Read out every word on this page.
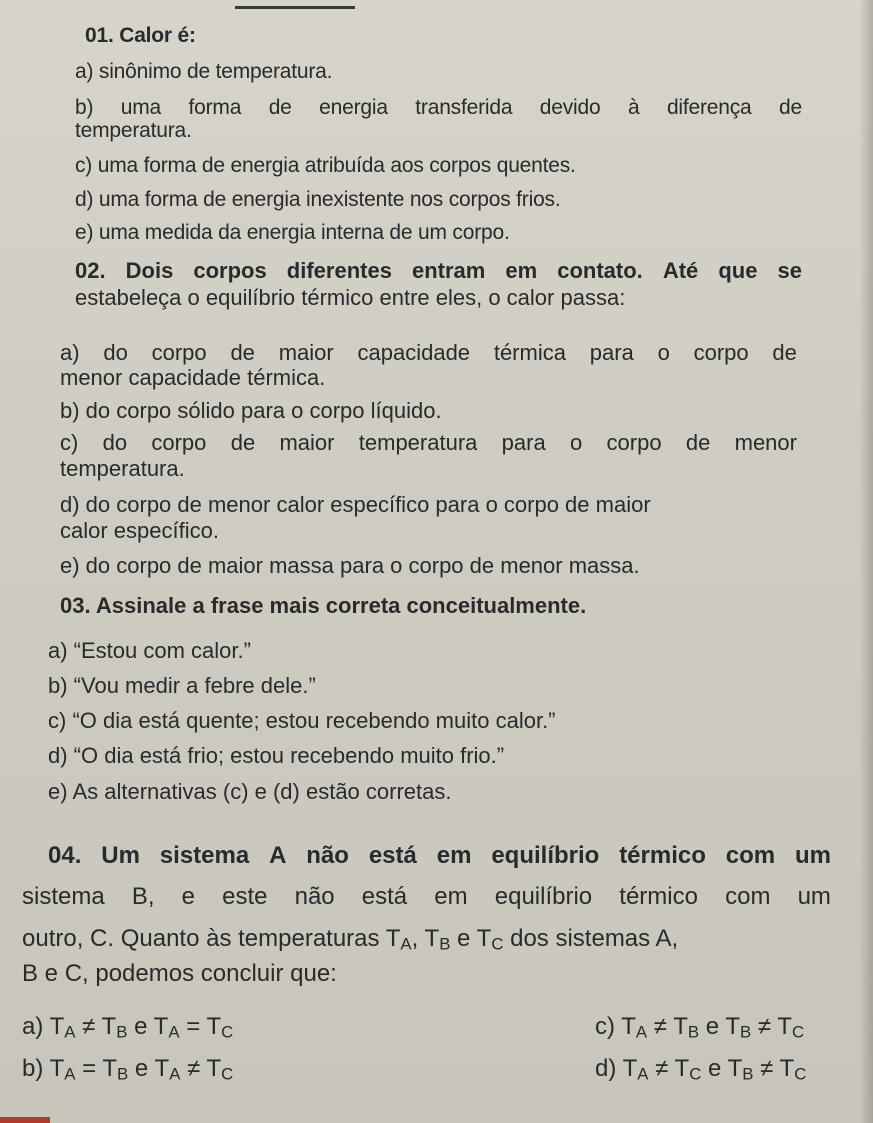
01. Calor é:
a) sinônimo de temperatura.
b) uma forma de energia transferida devido à diferença de
temperatura.
c) uma forma de energia atribuída aos corpos quentes.
d) uma forma de energia inexistente nos corpos frios.
e) uma medida da energia interna de um corpo.
02. Dois corpos diferentes entram em contato. Até que se
estabeleça o equilíbrio térmico entre eles, o calor passa:
a) do corpo de maior capacidade térmica para o corpo de
menor capacidade térmica.
b) do corpo sólido para o corpo líquido.
c) do corpo de maior temperatura para o corpo de menor
temperatura.
d) do corpo de menor calor específico para o corpo de maior
calor específico.
e) do corpo de maior massa para o corpo de menor massa.
03. Assinale a frase mais correta conceitualmente.
a) “Estou com calor.”
b) “Vou medir a febre dele.”
c) “O dia está quente; estou recebendo muito calor.”
d) “O dia está frio; estou recebendo muito frio.”
e) As alternativas (c) e (d) estão corretas.
04. Um sistema A não está em equilíbrio térmico com um
sistema B, e este não está em equilíbrio térmico com um
outro, C. Quanto às temperaturas $T_A$, $T_B$ e $T_C$ dos sistemas A,
B e C, podemos concluir que:
a) $T_A \ne T_B$ e $T_A = T_C$	c) $T_A \ne T_B$ e $T_B \ne T_C$
b) $T_A = T_B$ e $T_A \ne T_C$	d) $T_A \ne T_C$ e $T_B \ne T_C$
